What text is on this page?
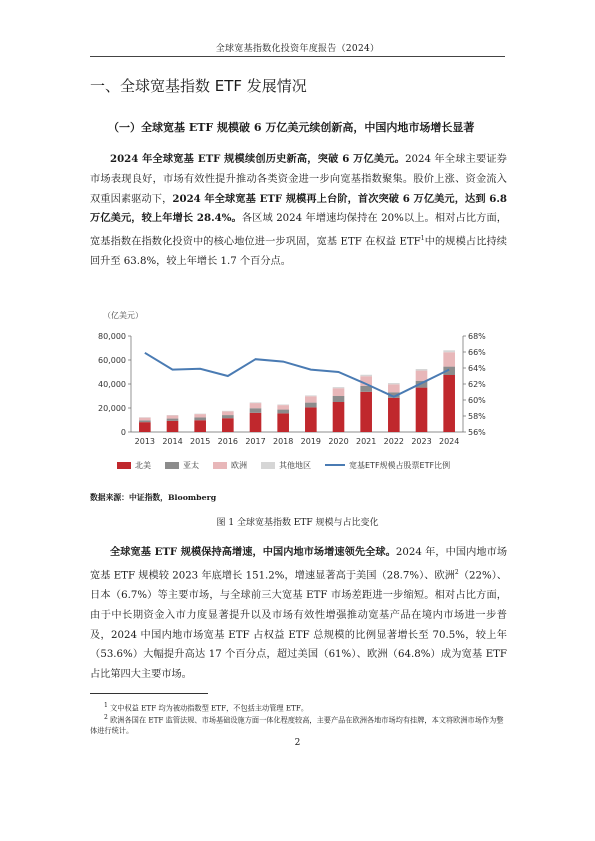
全球宽基指数化投资年度报告（2024）
一、全球宽基指数 ETF 发展情况
（一）全球宽基 ETF 规模破 6 万亿美元续创新高，中国内地市场增长显著

2024 年全球宽基 ETF 规模续创历史新高，突破 6 万亿美元。2024 年全球主要证券市场表现良好，市场有效性提升推动各类资金进一步向宽基指数聚集。股价上涨、资金流入双重因素驱动下，2024 年全球宽基 ETF 规模再上台阶，首次突破 6 万亿美元，达到 6.8 万亿美元，较上年增长 28.4%。各区域 2024 年增速均保持在 20%以上。相对占比方面，宽基指数在指数化投资中的核心地位进一步巩固，宽基 ETF 在权益 ETF$^1$中的规模占比持续回升至 63.8%，较上年增长 1.7 个百分点。

（亿美元）
0
20,000
40,000
60,000
80,000
56%
58%
60%
62%
64%
66%
68%
2013 2014 2015 2016 2017 2018 2019 2020 2021 2022 2023 2024
北美	亚太	欧洲	其他地区	宽基ETF规模占股票ETF比例
数据来源：中证指数，Bloomberg
图 1 全球宽基指数 ETF 规模与占比变化

全球宽基 ETF 规模保持高增速，中国内地市场增速领先全球。2024 年，中国内地市场宽基 ETF 规模较 2023 年底增长 151.2%，增速显著高于美国（28.7%）、欧洲$^2$（22%）、日本（6.7%）等主要市场，与全球前三大宽基 ETF 市场差距进一步缩短。相对占比方面，由于中长期资金入市力度显著提升以及市场有效性增强推动宽基产品在境内市场进一步普及，2024 中国内地市场宽基 ETF 占权益 ETF 总规模的比例显著增长至 70.5%，较上年（53.6%）大幅提升高达 17 个百分点，超过美国（61%）、欧洲（64.8%）成为宽基 ETF 占比第四大主要市场。

$^1$ 文中权益 ETF 均为被动指数型 ETF，不包括主动管理 ETF。
$^2$ 欧洲各国在 ETF 监管法规、市场基础设施方面一体化程度较高，主要产品在欧洲各地市场均有挂牌，本文将欧洲市场作为整体进行统计。
2
